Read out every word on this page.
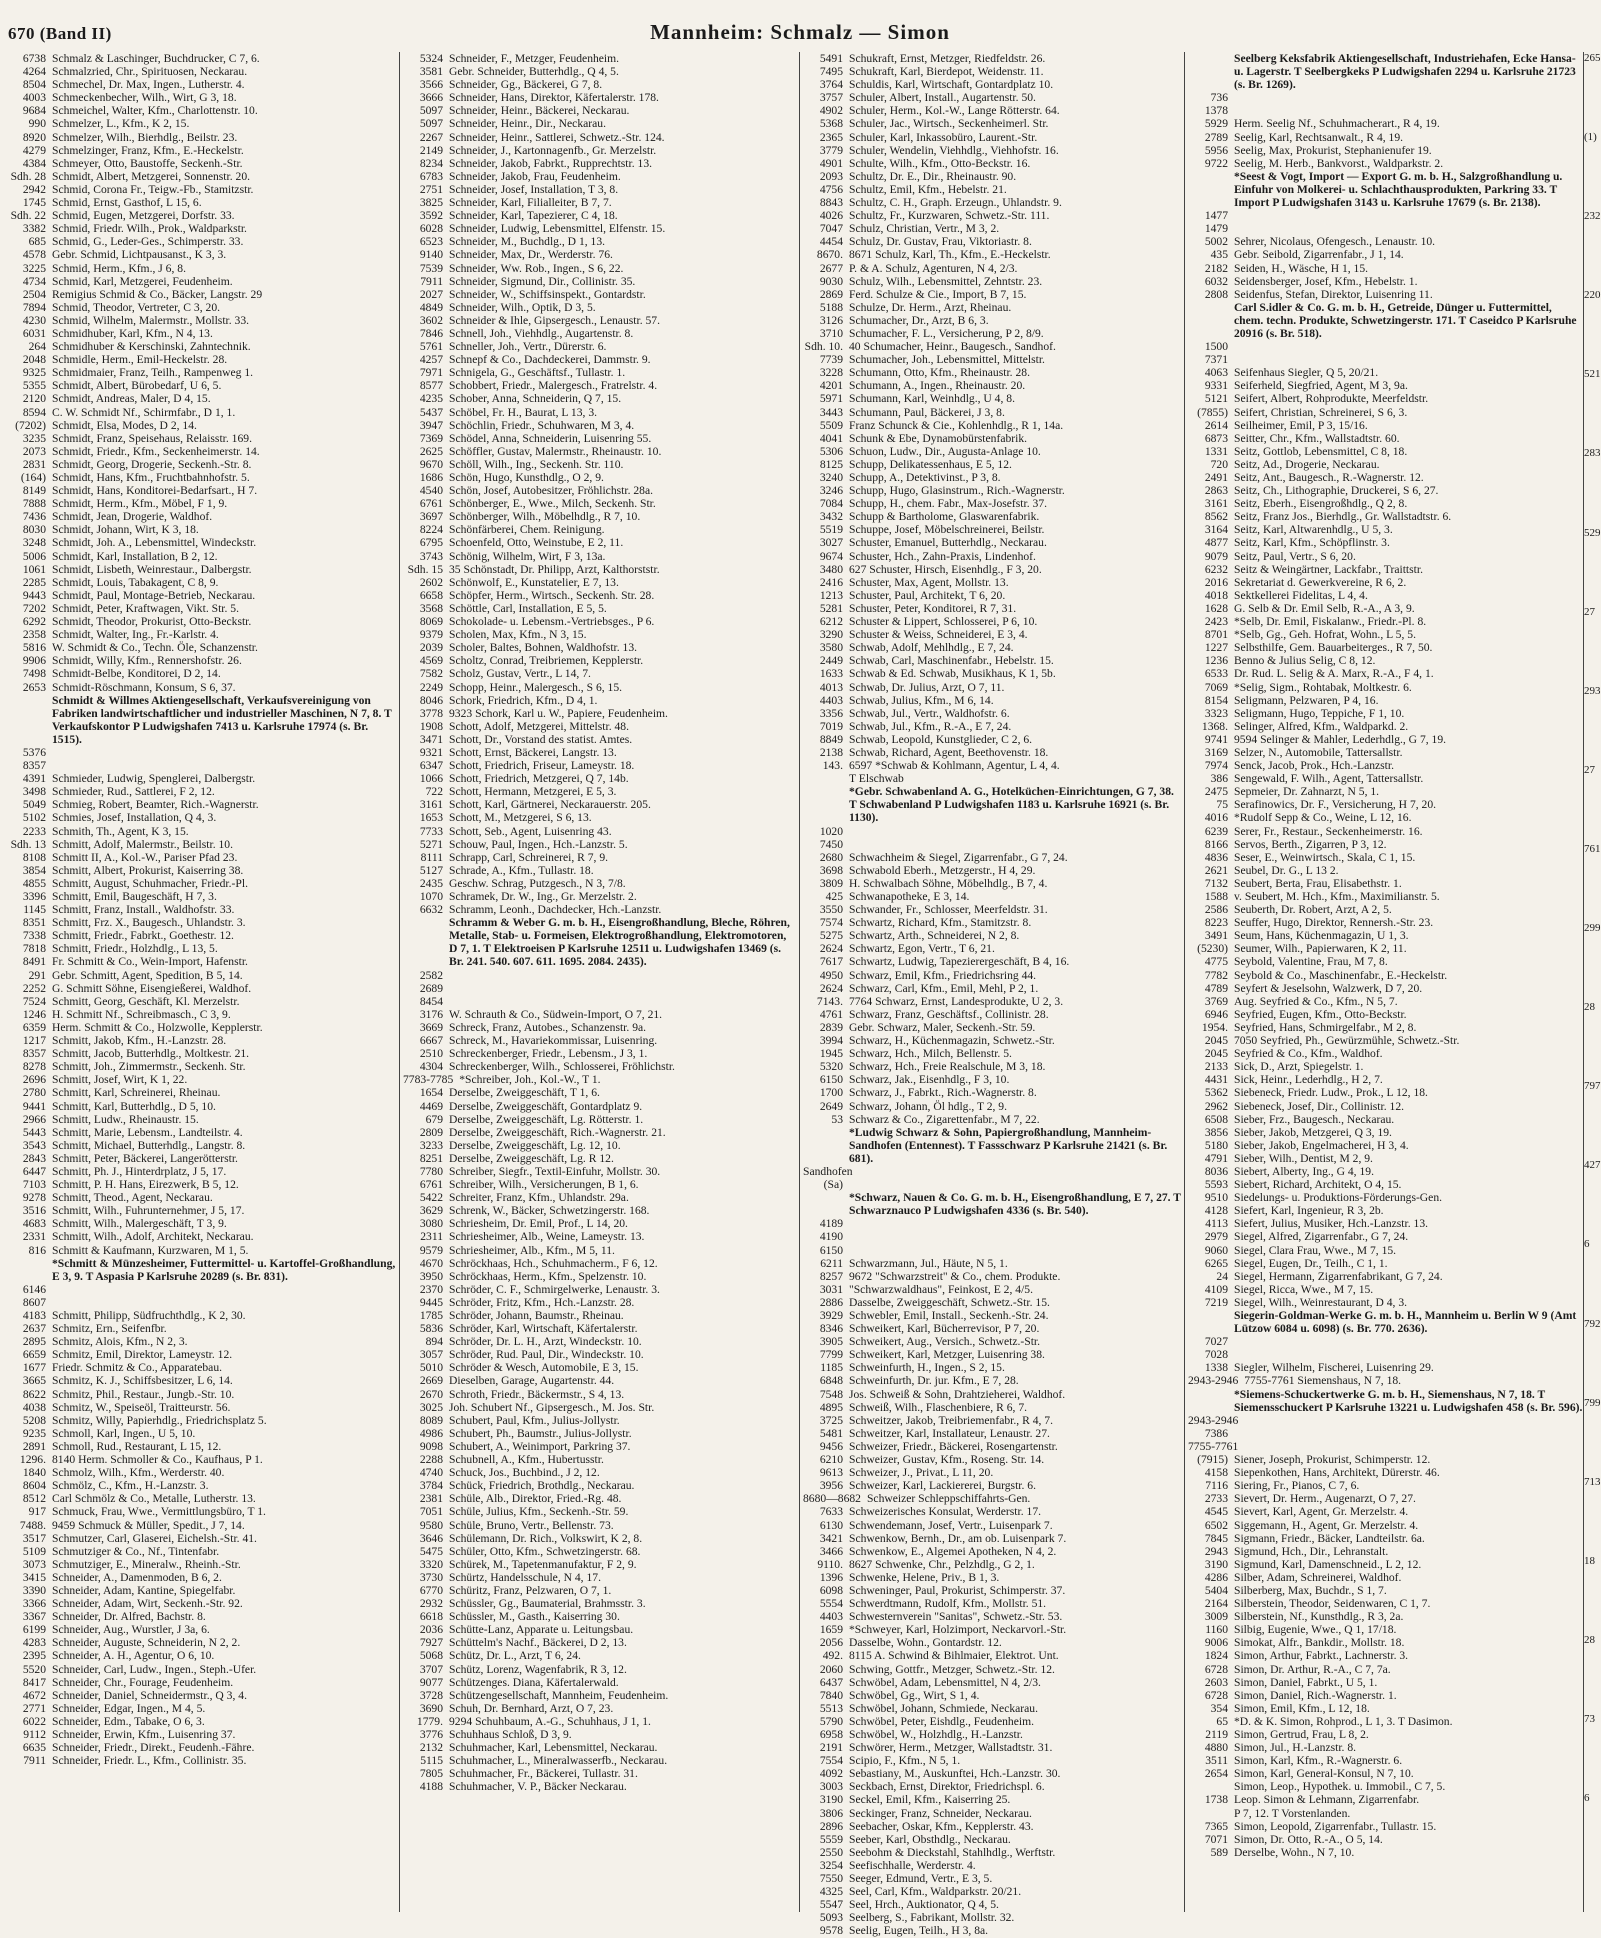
670 (Band II)	Mannheim: Schmalz — Simon
6738 Schmalz & Laschinger, Buchdrucker, C 7, 6.
4264 Schmalzried, Chr., Spirituosen, Neckarau.
8504 Schmechel, Dr. Max, Ingen., Lutherstr. 4.
4003 Schmeckenbecher, Wilh., Wirt, G 3, 18.
9684 Schmeichel, Walter, Kfm., Charlottenstr. 10.
990 Schmelzer, L., Kfm., K 2, 15.
8920 Schmelzer, Wilh., Bierhdlg., Beilstr. 23.
4279 Schmelzinger, Franz, Kfm., E.-Heckelstr.
4384 Schmeyer, Otto, Baustoffe, Seckenh.-Str.
Sdh. 28 Schmidt, Albert, Metzgerei, Sonnenstr. 20.
2942 Schmid, Corona Fr., Teigw.-Fb., Stamitzstr.
1745 Schmid, Ernst, Gasthof, L 15, 6.
Sdh. 22 Schmid, Eugen, Metzgerei, Dorfstr. 33.
3382 Schmid, Friedr. Wilh., Prok., Waldparkstr.
685 Schmid, G., Leder-Ges., Schimperstr. 33.
4578 Gebr. Schmid, Lichtpausanst., K 3, 3.
3225 Schmid, Herm., Kfm., J 6, 8.
4734 Schmid, Karl, Metzgerei, Feudenheim.
2504 Remigius Schmid & Co., Bäcker, Langstr. 29
7894 Schmid, Theodor, Vertreter, C 3, 20.
4230 Schmid, Wilhelm, Malermstr., Mollstr. 33.
6031 Schmidhuber, Karl, Kfm., N 4, 13.
264 Schmidhuber & Kerschinski, Zahntechnik.
2048 Schmidle, Herm., Emil-Heckelstr. 28.
9325 Schmidmaier, Franz, Teilh., Rampenweg 1.
5355 Schmidt, Albert, Bürobedarf, U 6, 5.
2120 Schmidt, Andreas, Maler, D 4, 15.
8594 C. W. Schmidt Nf., Schirmfabr., D 1, 1.
(7202) Schmidt, Elsa, Modes, D 2, 14.
3235 Schmidt, Franz, Speisehaus, Relaisstr. 169.
2073 Schmidt, Friedr., Kfm., Seckenheimerstr. 14.
2831 Schmidt, Georg, Drogerie, Seckenh.-Str. 8.
(164) Schmidt, Hans, Kfm., Fruchtbahnhofstr. 5.
8149 Schmidt, Hans, Konditorei-Bedarfsart., H 7.
7888 Schmidt, Herm., Kfm., Möbel, F 1, 9.
7436 Schmidt, Jean, Drogerie, Waldhof.
8030 Schmidt, Johann, Wirt, K 3, 18.
3248 Schmidt, Joh. A., Lebensmittel, Windeckstr.
5006 Schmidt, Karl, Installation, B 2, 12.
1061 Schmidt, Lisbeth, Weinrestaur., Dalbergstr.
2285 Schmidt, Louis, Tabakagent, C 8, 9.
9443 Schmidt, Paul, Montage-Betrieb, Neckarau.
7202 Schmidt, Peter, Kraftwagen, Vikt. Str. 5.
6292 Schmidt, Theodor, Prokurist, Otto-Beckstr.
2358 Schmidt, Walter, Ing., Fr.-Karlstr. 4.
5816 W. Schmidt & Co., Techn. Öle, Schanzenstr.
9906 Schmidt, Willy, Kfm., Rennershofstr. 26.
7498 Schmidt-Belbe, Konditorei, D 2, 14.
2653 Schmidt-Röschmann, Konsum, S 6, 37.
Schmidt & Willmes Aktiengesellschaft, Verkaufsvereinigung von Fabriken landwirtschaftlicher und industrieller Maschinen, N 7, 8. T Verkaufskontor P Ludwigshafen 7413 u. Karlsruhe 17974 (s. Br. 1515).
5376
8357
4391 Schmieder, Ludwig, Spenglerei, Dalbergstr.
3498 Schmieder, Rud., Sattlerei, F 2, 12.
5049 Schmieg, Robert, Beamter, Rich.-Wagnerstr.
5102 Schmies, Josef, Installation, Q 4, 3.
2233 Schmith, Th., Agent, K 3, 15.
Sdh. 13 Schmitt, Adolf, Malermstr., Beilstr. 10.
8108 Schmitt II, A., Kol.-W., Pariser Pfad 23.
3854 Schmitt, Albert, Prokurist, Kaiserring 38.
4855 Schmitt, August, Schuhmacher, Friedr.-Pl.
3396 Schmitt, Emil, Baugeschäft, H 7, 3.
1145 Schmitt, Franz, Install., Waldhofstr. 33.
8351 Schmitt, Frz. X., Baugesch., Uhlandstr. 3.
7338 Schmitt, Friedr., Fabrkt., Goethestr. 12.
7818 Schmitt, Friedr., Holzhdlg., L 13, 5.
8491 Fr. Schmitt & Co., Wein-Import, Hafenstr.
291 Gebr. Schmitt, Agent, Spedition, B 5, 14.
2252 G. Schmitt Söhne, Eisengießerei, Waldhof.
7524 Schmitt, Georg, Geschäft, Kl. Merzelstr.
1246 H. Schmitt Nf., Schreibmasch., C 3, 9.
6359 Herm. Schmitt & Co., Holzwolle, Kepplerstr.
1217 Schmitt, Jakob, Kfm., H.-Lanzstr. 28.
8357 Schmitt, Jacob, Butterhdlg., Moltkestr. 21.
8278 Schmitt, Joh., Zimmermstr., Seckenh. Str.
2696 Schmitt, Josef, Wirt, K 1, 22.
2780 Schmitt, Karl, Schreinerei, Rheinau.
9441 Schmitt, Karl, Butterhdlg., D 5, 10.
2966 Schmitt, Ludw., Rheinaustr. 15.
5443 Schmitt, Marie, Lebensm., Landteilstr. 4.
3543 Schmitt, Michael, Butterhdlg., Langstr. 8.
2843 Schmitt, Peter, Bäckerei, Langerötterstr.
6447 Schmitt, Ph. J., Hinterdrplatz, J 5, 17.
7103 Schmitt, P. H. Hans, Eirezwerk, B 5, 12.
9278 Schmitt, Theod., Agent, Neckarau.
3516 Schmitt, Wilh., Fuhrunternehmer, J 5, 17.
4683 Schmitt, Wilh., Malergeschäft, T 3, 9.
2331 Schmitt, Wilh., Adolf, Architekt, Neckarau.
816 Schmitt & Kaufmann, Kurzwaren, M 1, 5.
*Schmitt & Münzesheimer, Futtermittel- u. Kartoffel-Großhandlung, E 3, 9. T Aspasia P Karlsruhe 20289 (s. Br. 831).
6146
8607
4183 Schmitt, Philipp, Südfruchthdlg., K 2, 30.
2637 Schmitz, Ern., Seifenfbr.
2895 Schmitz, Alois, Kfm., N 2, 3.
6659 Schmitz, Emil, Direktor, Lameystr. 12.
1677 Friedr. Schmitz & Co., Apparatebau.
3665 Schmitz, K. J., Schiffsbesitzer, L 6, 14.
8622 Schmitz, Phil., Restaur., Jungb.-Str. 10.
4038 Schmitz, W., Speiseöl, Traitteurstr. 56.
5208 Schmitz, Willy, Papierhdlg., Friedrichsplatz 5.
9235 Schmoll, Karl, Ingen., U 5, 10.
2891 Schmoll, Rud., Restaurant, L 15, 12.
1296. 8140 Herm. Schmoller & Co., Kaufhaus, P 1.
1840 Schmolz, Wilh., Kfm., Werderstr. 40.
8604 Schmölz, C., Kfm., H.-Lanzstr. 3.
8512 Carl Schmölz & Co., Metalle, Lutherstr. 13.
917 Schmuck, Frau, Wwe., Vermittlungsbüro, T 1.
7488. 9459 Schmuck & Müller, Spedit., J 7, 14.
3517 Schmutzer, Carl, Glaserei, Eichelsh.-Str. 41.
5109 Schmutziger & Co., Nf., Tintenfabr.
3073 Schmutziger, E., Mineralw., Rheinh.-Str.
3415 Schneider, A., Damenmoden, B 6, 2.
3390 Schneider, Adam, Kantine, Spiegelfabr.
3366 Schneider, Adam, Wirt, Seckenh.-Str. 92.
3367 Schneider, Dr. Alfred, Bachstr. 8.
6199 Schneider, Aug., Wurstler, J 3a, 6.
4283 Schneider, Auguste, Schneiderin, N 2, 2.
2395 Schneider, A. H., Agentur, O 6, 10.
5520 Schneider, Carl, Ludw., Ingen., Steph.-Ufer.
8417 Schneider, Chr., Fourage, Feudenheim.
4672 Schneider, Daniel, Schneidermstr., Q 3, 4.
2771 Schneider, Edgar, Ingen., M 4, 5.
6022 Schneider, Edm., Tabake, O 6, 3.
9112 Schneider, Erwin, Kfm., Luisenring 37.
6635 Schneider, Friedr., Direkt., Feudenh.-Fähre.
7911 Schneider, Friedr. L., Kfm., Collinistr. 35.
5324 Schneider, F., Metzger, Feudenheim.
3581 Gebr. Schneider, Butterhdlg., Q 4, 5.
3566 Schneider, Gg., Bäckerei, G 7, 8.
3666 Schneider, Hans, Direktor, Käfertalerstr. 178.
5097 Schneider, Heinr., Bäckerei, Neckarau.
5097 Schneider, Heinr., Dir., Neckarau.
2267 Schneider, Heinr., Sattlerei, Schwetz.-Str. 124.
2149 Schneider, J., Kartonnagenfb., Gr. Merzelstr.
8234 Schneider, Jakob, Fabrkt., Rupprechtstr. 13.
6783 Schneider, Jakob, Frau, Feudenheim.
2751 Schneider, Josef, Installation, T 3, 8.
3825 Schneider, Karl, Filialleiter, B 7, 7.
3592 Schneider, Karl, Tapezierer, C 4, 18.
6028 Schneider, Ludwig, Lebensmittel, Elfenstr. 15.
6523 Schneider, M., Buchdlg., D 1, 13.
9140 Schneider, Max, Dr., Werderstr. 76.
7539 Schneider, Ww. Rob., Ingen., S 6, 22.
7911 Schneider, Sigmund, Dir., Collinistr. 35.
2027 Schneider, W., Schiffsinspekt., Gontardstr.
4849 Schneider, Wilh., Optik, D 3, 5.
3602 Schneider & Ihle, Gipsergesch., Lenaustr. 57.
7846 Schnell, Joh., Viehhdlg., Augartenstr. 8.
5761 Schneller, Joh., Vertr., Dürerstr. 6.
4257 Schnepf & Co., Dachdeckerei, Dammstr. 9.
7971 Schnigela, G., Geschäftsf., Tullastr. 1.
8577 Schobbert, Friedr., Malergesch., Fratrelstr. 4.
4235 Schober, Anna, Schneiderin, Q 7, 15.
5437 Schöbel, Fr. H., Baurat, L 13, 3.
3947 Schöchlin, Friedr., Schuhwaren, M 3, 4.
7369 Schödel, Anna, Schneiderin, Luisenring 55.
2625 Schöffler, Gustav, Malermstr., Rheinaustr. 10.
9670 Schöll, Wilh., Ing., Seckenh. Str. 110.
1686 Schön, Hugo, Kunsthdlg., O 2, 9.
4540 Schön, Josef, Autobesitzer, Fröhlichstr. 28a.
6761 Schönberger, E., Wwe., Milch, Seckenh. Str.
3697 Schönberger, Wilh., Möbelhdlg., R 7, 10.
8224 Schönfärberei, Chem. Reinigung.
6795 Schoenfeld, Otto, Weinstube, E 2, 11.
3743 Schönig, Wilhelm, Wirt, F 3, 13a.
Sdh. 15 35 Schönstadt, Dr. Philipp, Arzt, Kalthorststr.
2602 Schönwolf, E., Kunstatelier, E 7, 13.
6658 Schöpfer, Herm., Wirtsch., Seckenh. Str. 28.
3568 Schöttle, Carl, Installation, E 5, 5.
8069 Schokolade- u. Lebensm.-Vertriebsges., P 6.
9379 Scholen, Max, Kfm., N 3, 15.
2039 Scholer, Baltes, Bohnen, Waldhofstr. 13.
4569 Scholtz, Conrad, Treibriemen, Kepplerstr.
7582 Scholz, Gustav, Vertr., L 14, 7.
2249 Schopp, Heinr., Malergesch., S 6, 15.
8046 Schork, Friedrich, Kfm., D 4, 1.
3778 9323 Schork, Karl u. W., Papiere, Feudenheim.
1908 Schott, Adolf, Metzgerei, Mittelstr. 48.
3471 Schott, Dr., Vorstand des statist. Amtes.
9321 Schott, Ernst, Bäckerei, Langstr. 13.
6347 Schott, Friedrich, Friseur, Lameystr. 18.
1066 Schott, Friedrich, Metzgerei, Q 7, 14b.
722 Schott, Hermann, Metzgerei, E 5, 3.
3161 Schott, Karl, Gärtnerei, Neckarauerstr. 205.
1653 Schott, M., Metzgerei, S 6, 13.
7733 Schott, Seb., Agent, Luisenring 43.
5271 Schouw, Paul, Ingen., Hch.-Lanzstr. 5.
8111 Schrapp, Carl, Schreinerei, R 7, 9.
5127 Schrade, A., Kfm., Tullastr. 18.
2435 Geschw. Schrag, Putzgesch., N 3, 7/8.
1070 Schramek, Dr. W., Ing., Gr. Merzelstr. 2.
6632 Schramm, Leonh., Dachdecker, Hch.-Lanzstr.
Schramm & Weber G. m. b. H., Eisengroßhandlung, Bleche, Röhren, Metalle, Stab- u. Formeisen, Elektrogroßhandlung, Elektromotoren, D 7, 1. T Elektroeisen P Karlsruhe 12511 u. Ludwigshafen 13469 (s. Br. 241. 540. 607. 611. 1695. 2084. 2435).
2582
2689
8454
3176 W. Schrauth & Co., Südwein-Import, O 7, 21.
3669 Schreck, Franz, Autobes., Schanzenstr. 9a.
6667 Schreck, M., Havariekommissar, Luisenring.
2510 Schreckenberger, Friedr., Lebensm., J 3, 1.
4304 Schreckenberger, Wilh., Schlosserei, Fröhlichstr.
7783-7785 *Schreiber, Joh., Kol.-W., T 1.
1654 Derselbe, Zweiggeschäft, T 1, 6.
4469 Derselbe, Zweiggeschäft, Gontardplatz 9.
679 Derselbe, Zweiggeschäft, Lg. Rötterstr. 1.
2809 Derselbe, Zweiggeschäft, Rich.-Wagnerstr. 21.
3233 Derselbe, Zweiggeschäft, Lg. 12, 10.
8251 Derselbe, Zweiggeschäft, Lg. R 12.
7780 Schreiber, Siegfr., Textil-Einfuhr, Mollstr. 30.
6761 Schreiber, Wilh., Versicherungen, B 1, 6.
5422 Schreiter, Franz, Kfm., Uhlandstr. 29a.
3629 Schrenk, W., Bäcker, Schwetzingerstr. 168.
3080 Schriesheim, Dr. Emil, Prof., L 14, 20.
2311 Schriesheimer, Alb., Weine, Lameystr. 13.
9579 Schriesheimer, Alb., Kfm., M 5, 11.
4670 Schröckhaas, Hch., Schuhmacherm., F 6, 12.
3950 Schröckhaas, Herm., Kfm., Spelzenstr. 10.
2370 Schröder, C. F., Schmirgelwerke, Lenaustr. 3.
9445 Schröder, Fritz, Kfm., Hch.-Lanzstr. 28.
1785 Schröder, Johann, Baumstr., Rheinau.
5836 Schröder, Karl, Wirtschaft, Käfertalerstr.
894 Schröder, Dr. L. H., Arzt, Windeckstr. 10.
3057 Schröder, Rud. Paul, Dir., Windeckstr. 10.
5010 Schröder & Wesch, Automobile, E 3, 15.
2669 Dieselben, Garage, Augartenstr. 44.
2670 Schroth, Friedr., Bäckermstr., S 4, 13.
3025 Joh. Schubert Nf., Gipsergesch., M. Jos. Str.
8089 Schubert, Paul, Kfm., Julius-Jollystr.
4986 Schubert, Ph., Baumstr., Julius-Jollystr.
9098 Schubert, A., Weinimport, Parkring 37.
2288 Schubnell, A., Kfm., Hubertusstr.
4740 Schuck, Jos., Buchbind., J 2, 12.
3784 Schück, Friedrich, Brothdlg., Neckarau.
2381 Schüle, Alb., Direktor, Fried.-Rg. 48.
7051 Schüle, Julius, Kfm., Seckenh.-Str. 59.
9580 Schüle, Bruno, Vertr., Bellenstr. 73.
3646 Schülemann, Dr. Rich., Volkswirt, K 2, 8.
5475 Schüler, Otto, Kfm., Schwetzingerstr. 68.
3320 Schürek, M., Tapetenmanufaktur, F 2, 9.
3730 Schürtz, Handelsschule, N 4, 17.
6770 Schüritz, Franz, Pelzwaren, O 7, 1.
2932 Schüssler, Gg., Baumaterial, Brahmsstr. 3.
6618 Schüssler, M., Gasth., Kaiserring 30.
2036 Schütte-Lanz, Apparate u. Leitungsbau.
7927 Schüttelm's Nachf., Bäckerei, D 2, 13.
5068 Schütz, Dr. L., Arzt, T 6, 24.
3707 Schütz, Lorenz, Wagenfabrik, R 3, 12.
9077 Schützenges. Diana, Käfertalerwald.
3728 Schützengesellschaft, Mannheim, Feudenheim.
3690 Schuh, Dr. Bernhard, Arzt, O 7, 23.
1779. 9294 Schuhbaum, A.-G., Schuhhaus, J 1, 1.
3776 Schuhhaus Schloß, D 3, 9.
2132 Schuhmacher, Karl, Lebensmittel, Neckarau.
5115 Schuhmacher, L., Mineralwasserfb., Neckarau.
7805 Schuhmacher, Fr., Bäckerei, Tullastr. 31.
4188 Schuhmacher, V. P., Bäcker Neckarau.
5491 Schukraft, Ernst, Metzger, Riedfeldstr. 26.
7495 Schukraft, Karl, Bierdepot, Weidenstr. 11.
3764 Schuldis, Karl, Wirtschaft, Gontardplatz 10.
3757 Schuler, Albert, Install., Augartenstr. 50.
4902 Schuler, Herm., Kol.-W., Lange Rötterstr. 64.
5368 Schuler, Jac., Wirtsch., Seckenheimerl. Str.
2365 Schuler, Karl, Inkassobüro, Laurent.-Str.
3779 Schuler, Wendelin, Viehhdlg., Viehhofstr. 16.
4901 Schulte, Wilh., Kfm., Otto-Beckstr. 16.
2093 Schultz, Dr. E., Dir., Rheinaustr. 90.
4756 Schultz, Emil, Kfm., Hebelstr. 21.
8843 Schultz, C. H., Graph. Erzeugn., Uhlandstr. 9.
4026 Schultz, Fr., Kurzwaren, Schwetz.-Str. 111.
7047 Schulz, Christian, Vertr., M 3, 2.
4454 Schulz, Dr. Gustav, Frau, Viktoriastr. 8.
8670. 8671 Schulz, Karl, Th., Kfm., E.-Heckelstr.
2677 P. & A. Schulz, Agenturen, N 4, 2/3.
9030 Schulz, Wilh., Lebensmittel, Zehntstr. 23.
2869 Ferd. Schulze & Cie., Import, B 7, 15.
5188 Schulze, Dr. Herm., Arzt, Rheinau.
3126 Schumacher, Dr., Arzt, B 6, 3.
3710 Schumacher, F. L., Versicherung, P 2, 8/9.
Sdh. 10. 40 Schumacher, Heinr., Baugesch., Sandhof.
7739 Schumacher, Joh., Lebensmittel, Mittelstr.
3228 Schumann, Otto, Kfm., Rheinaustr. 28.
4201 Schumann, A., Ingen., Rheinaustr. 20.
5971 Schumann, Karl, Weinhdlg., U 4, 8.
3443 Schumann, Paul, Bäckerei, J 3, 8.
5509 Franz Schunck & Cie., Kohlenhdlg., R 1, 14a.
4041 Schunk & Ebe, Dynamobürstenfabrik.
5306 Schuon, Ludw., Dir., Augusta-Anlage 10.
8125 Schupp, Delikatessenhaus, E 5, 12.
3240 Schupp, A., Detektivinst., P 3, 8.
3246 Schupp, Hugo, Glasinstrum., Rich.-Wagnerstr.
7084 Schupp, H., chem. Fabr., Max-Josefstr. 37.
3432 Schupp & Bartholome, Glaswarenfabrik.
5519 Schuppe, Josef, Möbelschreinerei, Beilstr.
3027 Schuster, Emanuel, Butterhdlg., Neckarau.
9674 Schuster, Hch., Zahn-Praxis, Lindenhof.
3480 627 Schuster, Hirsch, Eisenhdlg., F 3, 20.
2416 Schuster, Max, Agent, Mollstr. 13.
1213 Schuster, Paul, Architekt, T 6, 20.
5281 Schuster, Peter, Konditorei, R 7, 31.
6212 Schuster & Lippert, Schlosserei, P 6, 10.
3290 Schuster & Weiss, Schneiderei, E 3, 4.
3580 Schwab, Adolf, Mehlhdlg., E 7, 24.
2449 Schwab, Carl, Maschinenfabr., Hebelstr. 15.
1633 Schwab & Ed. Schwab, Musikhaus, K 1, 5b.
4013 Schwab, Dr. Julius, Arzt, O 7, 11.
4403 Schwab, Julius, Kfm., M 6, 14.
3356 Schwab, Jul., Vertr., Waldhofstr. 6.
7019 Schwab, Jul., Kfm., R.-A., E 7, 24.
8849 Schwab, Leopold, Kunstglieder, C 2, 6.
2138 Schwab, Richard, Agent, Beethovenstr. 18.
143. 6597 *Schwab & Kohlmann, Agentur, L 4, 4.
T Elschwab
*Gebr. Schwabenland A. G., Hotelküchen-Einrichtungen, G 7, 38. T Schwabenland P Ludwigshafen 1183 u. Karlsruhe 16921 (s. Br. 1130).
1020
7450
2680 Schwachheim & Siegel, Zigarrenfabr., G 7, 24.
3698 Schwabold Eberh., Metzgerstr., H 4, 29.
3809 H. Schwalbach Söhne, Möbelhdlg., B 7, 4.
425 Schwanapotheke, E 3, 14.
3550 Schwander, Fr., Schlosser, Meerfeldstr. 31.
7574 Schwartz, Richard, Kfm., Stamitzstr. 8.
5275 Schwartz, Arth., Schneiderei, N 2, 8.
2624 Schwartz, Egon, Vertr., T 6, 21.
7617 Schwartz, Ludwig, Tapezierergeschäft, B 4, 16.
4950 Schwarz, Emil, Kfm., Friedrichsring 44.
2624 Schwarz, Carl, Kfm., Emil, Mehl, P 2, 1.
7143. 7764 Schwarz, Ernst, Landesprodukte, U 2, 3.
4761 Schwarz, Franz, Geschäftsf., Collinistr. 28.
2839 Gebr. Schwarz, Maler, Seckenh.-Str. 59.
3994 Schwarz, H., Küchenmagazin, Schwetz.-Str.
1945 Schwarz, Hch., Milch, Bellenstr. 5.
5320 Schwarz, Hch., Freie Realschule, M 3, 18.
6150 Schwarz, Jak., Eisenhdlg., F 3, 10.
1700 Schwarz, J., Fabrkt., Rich.-Wagnerstr. 8.
2649 Schwarz, Johann, Öl hdlg., T 2, 9.
53 Schwarz & Co., Zigarettenfabr., M 7, 22.
*Ludwig Schwarz & Sohn, Papiergroßhandlung, Mannheim-Sandhofen (Entennest). T Fassschwarz P Karlsruhe 21421 (s. Br. 681).
Sandhofen
(Sa)
*Schwarz, Nauen & Co. G. m. b. H., Eisengroßhandlung, E 7, 27. T Schwarznauco P Ludwigshafen 4336 (s. Br. 540).
4189
4190
6150
6211 Schwarzmann, Jul., Häute, N 5, 1.
8257 9672 "Schwarzstreit" & Co., chem. Produkte.
3031 "Schwarzwaldhaus", Feinkost, E 2, 4/5.
2886 Dasselbe, Zweiggeschäft, Schwetz.-Str. 15.
3929 Schwebler, Emil, Install., Seckenh.-Str. 24.
8346 Schweikert, Karl, Bücherrevisor, P 7, 20.
3905 Schweikert, Aug., Versich., Schwetz.-Str.
7799 Schweikert, Karl, Metzger, Luisenring 38.
1185 Schweinfurth, H., Ingen., S 2, 15.
6848 Schweinfurth, Dr. jur. Kfm., E 7, 28.
7548 Jos. Schweiß & Sohn, Drahtzieherei, Waldhof.
4895 Schweiß, Wilh., Flaschenbiere, R 6, 7.
3725 Schweitzer, Jakob, Treibriemenfabr., R 4, 7.
5481 Schweitzer, Karl, Installateur, Lenaustr. 27.
9456 Schweizer, Friedr., Bäckerei, Rosengartenstr.
6210 Schweizer, Gustav, Kfm., Roseng. Str. 14.
9613 Schweizer, J., Privat., L 11, 20.
3956 Schweizer, Karl, Lackiererei, Burgstr. 6.
8680—8682 Schweizer Schleppschiffahrts-Gen.
7633 Schweizerisches Konsulat, Werderstr. 17.
6130 Schwendemann, Josef, Vertr., Luisenpark 7.
3421 Schwenkow, Bernh., Dr., am ob. Luisenpark 7.
3466 Schwenkow, E., Algemei Apotheken, N 4, 2.
9110. 8627 Schwenke, Chr., Pelzhdlg., G 2, 1.
1396 Schwenke, Helene, Priv., B 1, 3.
6098 Schweninger, Paul, Prokurist, Schimperstr. 37.
5554 Schwerdtmann, Rudolf, Kfm., Mollstr. 51.
4403 Schwesternverein "Sanitas", Schwetz.-Str. 53.
1659 *Schweyer, Karl, Holzimport, Neckarvorl.-Str.
2056 Dasselbe, Wohn., Gontardstr. 12.
492. 8115 A. Schwind & Bihlmaier, Elektrot. Unt.
2060 Schwing, Gottfr., Metzger, Schwetz.-Str. 12.
6437 Schwöbel, Adam, Lebensmittel, N 4, 2/3.
7840 Schwöbel, Gg., Wirt, S 1, 4.
5513 Schwöbel, Johann, Schmiede, Neckarau.
5790 Schwöbel, Peter, Eishdlg., Feudenheim.
6958 Schwöbel, W., Holzhdlg., H.-Lanzstr.
2191 Schwörer, Herm., Metzger, Wallstadtstr. 31.
7554 Scipio, F., Kfm., N 5, 1.
4092 Sebastiany, M., Auskunftei, Hch.-Lanzstr. 30.
3003 Seckbach, Ernst, Direktor, Friedrichspl. 6.
3190 Seckel, Emil, Kfm., Kaiserring 25.
3806 Seckinger, Franz, Schneider, Neckarau.
2896 Seebacher, Oskar, Kfm., Kepplerstr. 43.
5559 Seeber, Karl, Obsthdlg., Neckarau.
2550 Seebohm & Dieckstahl, Stahlhdlg., Werftstr.
3254 Seefischhalle, Werderstr. 4.
7550 Seeger, Edmund, Vertr., E 3, 5.
4325 Seel, Carl, Kfm., Waldparkstr. 20/21.
5547 Seel, Hrch., Auktionator, Q 4, 5.
5093 Seelberg, S., Fabrikant, Mollstr. 32.
9578 Seelig, Eugen, Teilh., H 3, 8a.
Seelberg Keksfabrik Aktiengesellschaft, Industriehafen, Ecke Hansa- u. Lagerstr. T Seelbergkeks P Ludwigshafen 2294 u. Karlsruhe 21723 (s. Br. 1269).
736
1378
5929 Herm. Seelig Nf., Schuhmacherart., R 4, 19.
2789 Seelig, Karl, Rechtsanwalt., R 4, 19.
5956 Seelig, Max, Prokurist, Stephanienufer 19.
9722 Seelig, M. Herb., Bankvorst., Waldparkstr. 2.
*Seest & Vogt, Import — Export G. m. b. H., Salzgroßhandlung u. Einfuhr von Molkerei- u. Schlachthausprodukten, Parkring 33. T Import P Ludwigshafen 3143 u. Karlsruhe 17679 (s. Br. 2138).
1477
1479
5002 Sehrer, Nicolaus, Ofengesch., Lenaustr. 10.
435 Gebr. Seibold, Zigarrenfabr., J 1, 14.
2182 Seiden, H., Wäsche, H 1, 15.
6032 Seidensberger, Josef, Kfm., Hebelstr. 1.
2808 Seidenfus, Stefan, Direktor, Luisenring 11.
Carl S.idler & Co. G. m. b. H., Getreide, Dünger u. Futtermittel, chem. techn. Produkte, Schwetzingerstr. 171. T Caseidco P Karlsruhe 20916 (s. Br. 518).
1500
7371
4063 Seifenhaus Siegler, Q 5, 20/21.
9331 Seiferheld, Siegfried, Agent, M 3, 9a.
5121 Seifert, Albert, Rohprodukte, Meerfeldstr.
(7855) Seifert, Christian, Schreinerei, S 6, 3.
2614 Seilheimer, Emil, P 3, 15/16.
6873 Seitter, Chr., Kfm., Wallstadtstr. 60.
1331 Seitz, Gottlob, Lebensmittel, C 8, 18.
720 Seitz, Ad., Drogerie, Neckarau.
2491 Seitz, Ant., Baugesch., R.-Wagnerstr. 12.
2863 Seitz, Ch., Lithographie, Druckerei, S 6, 27.
3161 Seitz, Eberh., Eisengroßhdlg., Q 2, 8.
8562 Seitz, Franz Jos., Bierhdlg., Gr. Wallstadtstr. 6.
3164 Seitz, Karl, Altwarenhdlg., U 5, 3.
4877 Seitz, Karl, Kfm., Schöpflinstr. 3.
9079 Seitz, Paul, Vertr., S 6, 20.
6232 Seitz & Weingärtner, Lackfabr., Traittstr.
2016 Sekretariat d. Gewerkvereine, R 6, 2.
4018 Sektkellerei Fidelitas, L 4, 4.
1628 G. Selb & Dr. Emil Selb, R.-A., A 3, 9.
2423 *Selb, Dr. Emil, Fiskalanw., Friedr.-Pl. 8.
8701 *Selb, Gg., Geh. Hofrat, Wohn., L 5, 5.
1227 Selbsthilfe, Gem. Bauarbeiterges., R 7, 50.
1236 Benno & Julius Selig, C 8, 12.
6533 Dr. Rud. L. Selig & A. Marx, R.-A., F 4, 1.
7069 *Selig, Sigm., Rohtabak, Moltkestr. 6.
8154 Seligmann, Pelzwaren, P 4, 16.
3323 Seligmann, Hugo, Teppiche, F 1, 10.
1368. Selinger, Alfred, Kfm., Waldparkd. 2.
9741 9594 Selinger & Mahler, Lederhdlg., G 7, 19.
3169 Selzer, N., Automobile, Tattersallstr.
7974 Senck, Jacob, Prok., Hch.-Lanzstr.
386 Sengewald, F. Wilh., Agent, Tattersallstr.
2475 Sepmeier, Dr. Zahnarzt, N 5, 1.
75 Serafinowics, Dr. F., Versicherung, H 7, 20.
4016 *Rudolf Sepp & Co., Weine, L 12, 16.
6239 Serer, Fr., Restaur., Seckenheimerstr. 16.
8166 Servos, Berth., Zigarren, P 3, 12.
4836 Seser, E., Weinwirtsch., Skala, C 1, 15.
2621 Seubel, Dr. G., L 13 2.
7132 Seubert, Berta, Frau, Elisabethstr. 1.
1588 v. Seubert, M. Hch., Kfm., Maximilianstr. 5.
2586 Seuberth, Dr. Robert, Arzt, A 2, 5.
8223 Seuffer, Hugo, Direktor, Rennersh.-Str. 23.
3491 Seum, Hans, Küchenmagazin, U 1, 3.
(5230) Seumer, Wilh., Papierwaren, K 2, 11.
4775 Seybold, Valentine, Frau, M 7, 8.
7782 Seybold & Co., Maschinenfabr., E.-Heckelstr.
4789 Seyfert & Jeselsohn, Walzwerk, D 7, 20.
3769 Aug. Seyfried & Co., Kfm., N 5, 7.
6946 Seyfried, Eugen, Kfm., Otto-Beckstr.
1954. Seyfried, Hans, Schmirgelfabr., M 2, 8.
2045 7050 Seyfried, Ph., Gewürzmühle, Schwetz.-Str.
2045 Seyfried & Co., Kfm., Waldhof.
2133 Sick, D., Arzt, Spiegelstr. 1.
4431 Sick, Heinr., Lederhdlg., H 2, 7.
5362 Siebeneck, Friedr. Ludw., Prok., L 12, 18.
2962 Siebeneck, Josef, Dir., Collinistr. 12.
6508 Sieber, Frz., Baugesch., Neckarau.
3856 Sieber, Jakob, Metzgerei, Q 3, 19.
5180 Sieber, Jakob, Engelmacherei, H 3, 4.
4791 Sieber, Wilh., Dentist, M 2, 9.
8036 Siebert, Alberty, Ing., G 4, 19.
5593 Siebert, Richard, Architekt, O 4, 15.
9510 Siedelungs- u. Produktions-Förderungs-Gen.
4128 Siefert, Karl, Ingenieur, R 3, 2b.
4113 Siefert, Julius, Musiker, Hch.-Lanzstr. 13.
2979 Siegel, Alfred, Zigarrenfabr., G 7, 24.
9060 Siegel, Clara Frau, Wwe., M 7, 15.
6265 Siegel, Eugen, Dr., Teilh., C 1, 1.
24 Siegel, Hermann, Zigarrenfabrikant, G 7, 24.
4109 Siegel, Ricca, Wwe., M 7, 15.
7219 Siegel, Wilh., Weinrestaurant, D 4, 3.
Siegerin-Goldman-Werke G. m. b. H., Mannheim u. Berlin W 9 (Amt Lützow 6084 u. 6098) (s. Br. 770. 2636).
7027
7028
1338 Siegler, Wilhelm, Fischerei, Luisenring 29.
2943-2946 7755-7761 Siemenshaus, N 7, 18.
*Siemens-Schuckertwerke G. m. b. H., Siemenshaus, N 7, 18. T Siemensschuckert P Karlsruhe 13221 u. Ludwigshafen 458 (s. Br. 596).
2943-2946
7386
7755-7761
(7915) Siener, Joseph, Prokurist, Schimperstr. 12.
4158 Siepenkothen, Hans, Architekt, Dürerstr. 46.
7116 Siering, Fr., Pianos, C 7, 6.
2733 Sievert, Dr. Herm., Augenarzt, O 7, 27.
4545 Sievert, Karl, Agent, Gr. Merzelstr. 4.
6502 Siggemann, H., Agent, Gr. Merzelstr. 4.
7845 Sigmann, Friedr., Bäcker, Landteilstr. 6a.
2943 Sigmund, Hch., Dir., Lehranstalt.
3190 Sigmund, Karl, Damenschneid., L 2, 12.
4286 Silber, Adam, Schreinerei, Waldhof.
5404 Silberberg, Max, Buchdr., S 1, 7.
2164 Silberstein, Theodor, Seidenwaren, C 1, 7.
3009 Silberstein, Nf., Kunsthdlg., R 3, 2a.
1160 Silbig, Eugenie, Wwe., Q 1, 17/18.
9006 Simokat, Alfr., Bankdir., Mollstr. 18.
1824 Simon, Arthur, Fabrkt., Lachnerstr. 3.
6728 Simon, Dr. Arthur, R.-A., C 7, 7a.
2603 Simon, Daniel, Fabrkt., U 5, 1.
6728 Simon, Daniel, Rich.-Wagnerstr. 1.
354 Simon, Emil, Kfm., L 12, 18.
65 *D. & K. Simon, Rohprod., L 1, 3. T Dasimon.
2119 Simon, Gertrud, Frau, L 8, 2.
4880 Simon, Jul., H.-Lanzstr. 8.
3511 Simon, Karl, Kfm., R.-Wagnerstr. 6.
2654 Simon, Karl, General-Konsul, N 7, 10.
Simon, Leop., Hypothek. u. Immobil., C 7, 5.
1738 Leop. Simon & Lehmann, Zigarrenfabr.
P 7, 12. T Vorstenlanden.
7365 Simon, Leopold, Zigarrenfabr., Tullastr. 15.
7071 Simon, Dr. Otto, R.-A., O 5, 14.
589 Derselbe, Wohn., N 7, 10.
265
(1)
232
220
521
283
529
27
293
27
761
299
28
797
427
6
792
799
713
18
28
73
6
